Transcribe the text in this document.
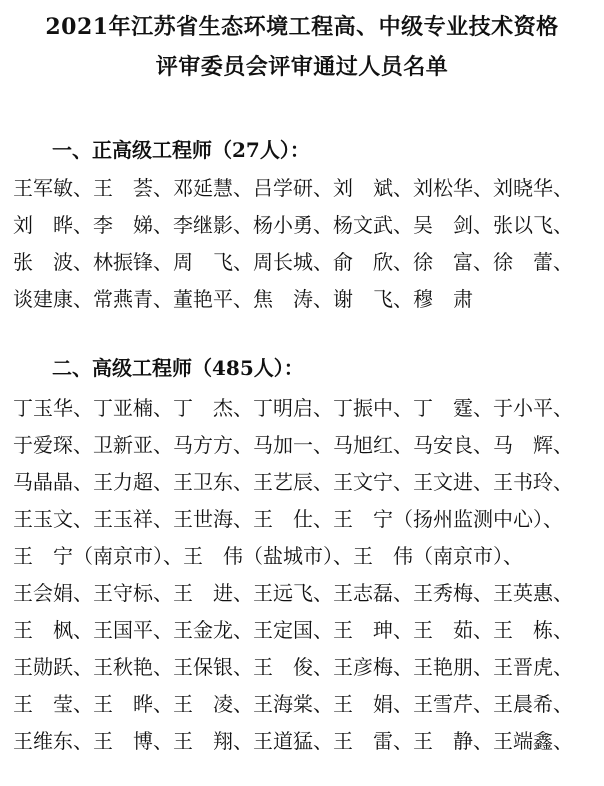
2021年江苏省生态环境工程高、中级专业技术资格
评审委员会评审通过人员名单
一、正高级工程师（27人）：
王军敏、王　荟、邓延慧、吕学研、刘　斌、刘松华、刘晓华、
刘　晔、李　娣、李继影、杨小勇、杨文武、吴　剑、张以飞、
张　波、林振锋、周　飞、周长城、俞　欣、徐　富、徐　蕾、
谈建康、常燕青、董艳平、焦　涛、谢　飞、穆　肃
二、高级工程师（485人）：
丁玉华、丁亚楠、丁　杰、丁明启、丁振中、丁　霆、于小平、
于爱琛、卫新亚、马方方、马加一、马旭红、马安良、马　辉、
马晶晶、王力超、王卫东、王艺辰、王文宁、王文进、王书玲、
王玉文、王玉祥、王世海、王　仕、王　宁（扬州监测中心）、
王　宁（南京市）、王　伟（盐城市）、王　伟（南京市）、
王会娟、王守标、王　进、王远飞、王志磊、王秀梅、王英惠、
王　枫、王国平、王金龙、王定国、王　珅、王　茹、王　栋、
王勋跃、王秋艳、王保银、王　俊、王彦梅、王艳朋、王晋虎、
王　莹、王　晔、王　凌、王海棠、王　娟、王雪芹、王晨希、
王维东、王　博、王　翔、王道猛、王　雷、王　静、王端鑫、
